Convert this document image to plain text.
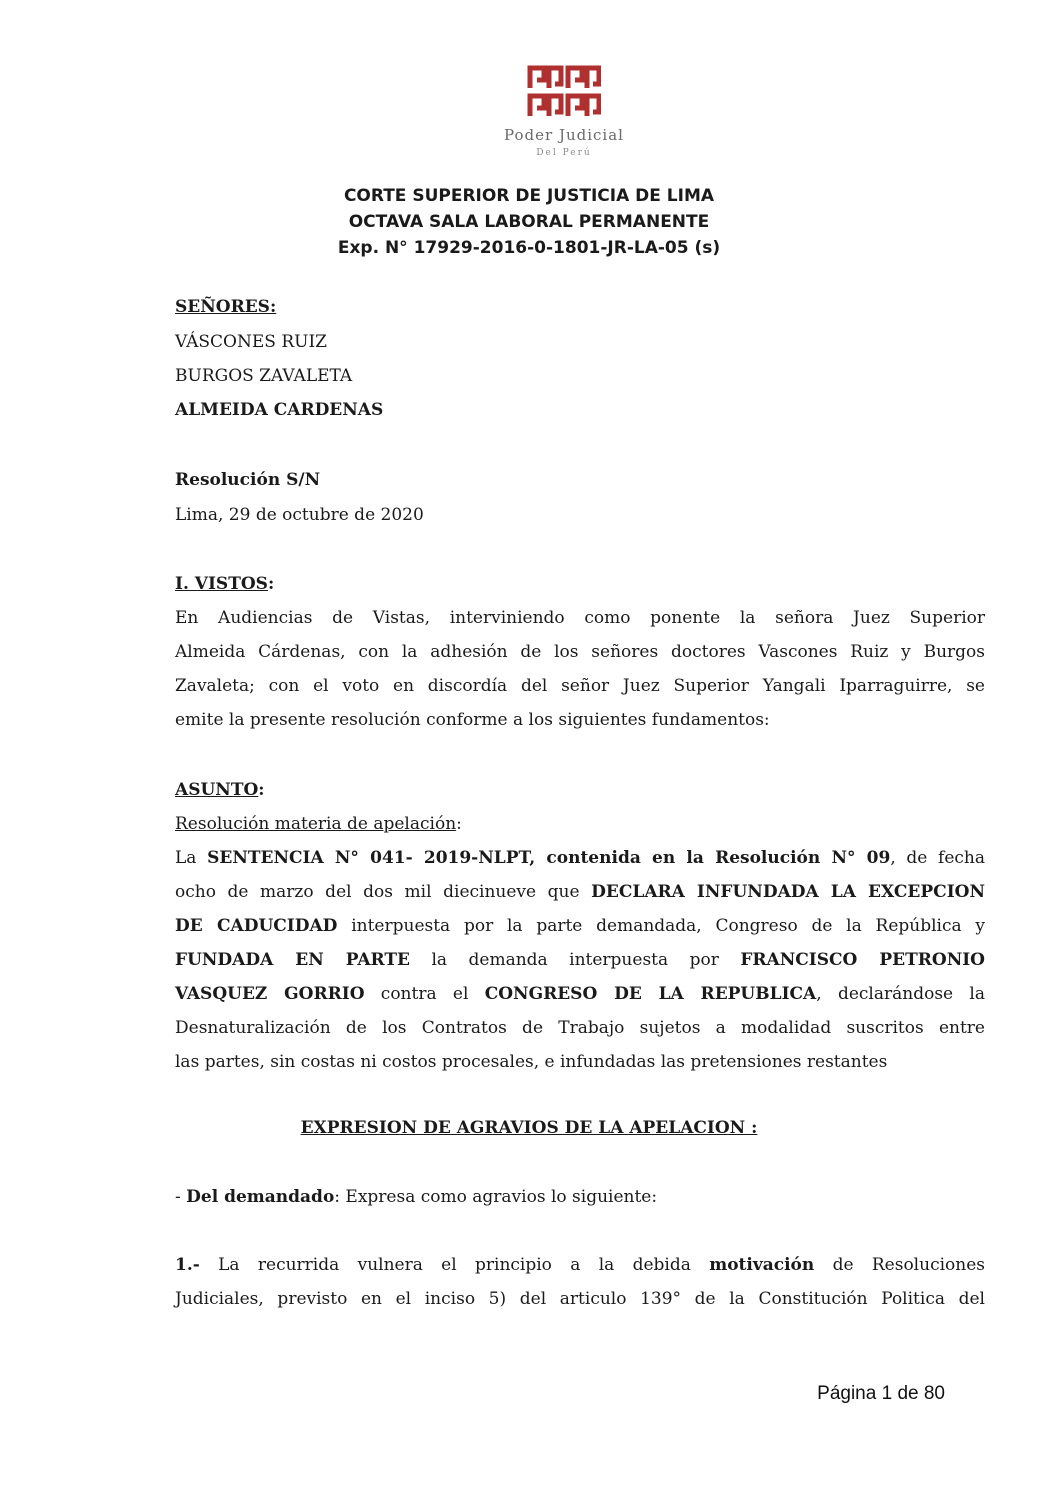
Poder Judicial
Del Perú
CORTE SUPERIOR DE JUSTICIA DE LIMA
OCTAVA SALA LABORAL PERMANENTE
Exp. N° 17929-2016-0-1801-JR-LA-05 (s)
SEÑORES:
VÁSCONES RUIZ
BURGOS ZAVALETA
ALMEIDA CARDENAS
Resolución S/N
Lima, 29 de octubre de 2020
I. VISTOS:
En Audiencias de Vistas, interviniendo como ponente la señora Juez Superior
Almeida Cárdenas, con la adhesión de los señores doctores Vascones Ruiz y Burgos
Zavaleta; con el voto en discordía del señor Juez Superior Yangali Iparraguirre, se
emite la presente resolución conforme a los siguientes fundamentos:
ASUNTO:
Resolución materia de apelación:
La SENTENCIA N° 041- 2019-NLPT, contenida en la Resolución N° 09, de fecha
ocho de marzo del dos mil diecinueve que DECLARA INFUNDADA LA EXCEPCION
DE CADUCIDAD interpuesta por la parte demandada, Congreso de la República y
FUNDADA EN PARTE la demanda interpuesta por FRANCISCO PETRONIO
VASQUEZ GORRIO contra el CONGRESO DE LA REPUBLICA, declarándose la
Desnaturalización de los Contratos de Trabajo sujetos a modalidad suscritos entre
las partes, sin costas ni costos procesales, e infundadas las pretensiones restantes
EXPRESION DE AGRAVIOS DE LA APELACION :
- Del demandado: Expresa como agravios lo siguiente:
1.- La recurrida vulnera el principio a la debida motivación de Resoluciones
Judiciales, previsto en el inciso 5) del articulo 139° de la Constitución Politica del
Página 1 de 80
